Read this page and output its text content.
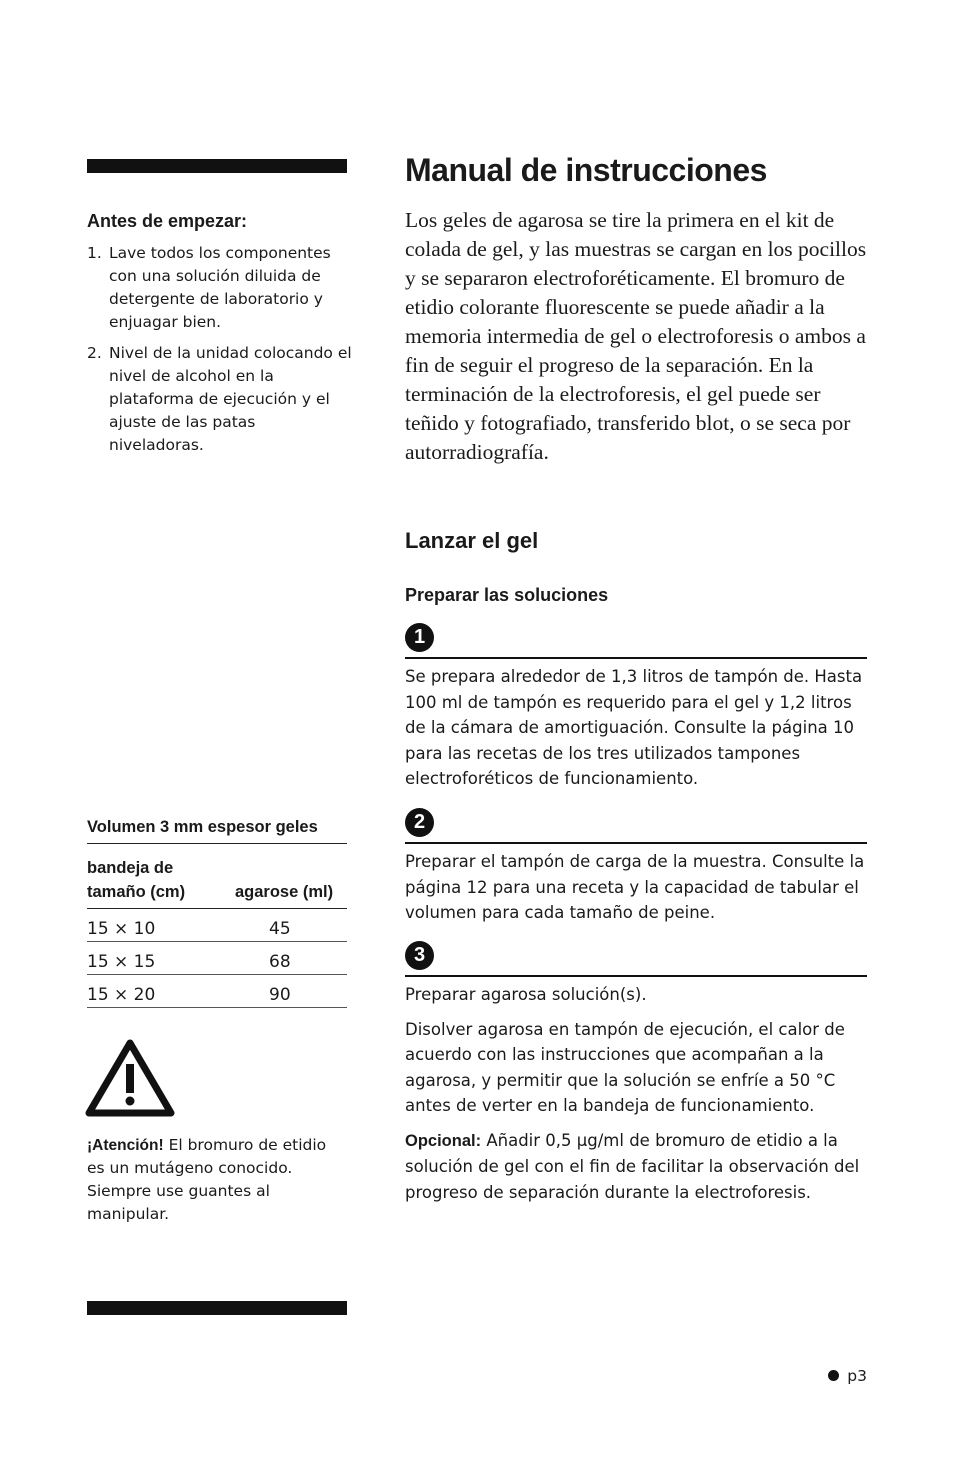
Antes de empezar:
1. Lave todos los componentes con una solución diluida de detergente de laboratorio y enjuagar bien.
2. Nivel de la unidad colocando el nivel de alcohol en la plataforma de ejecución y el ajuste de las patas niveladoras.
Volumen 3 mm espesor geles
bandeja de tamaño (cm)	agarose (ml)
15 × 10	45
15 × 15	68
15 × 20	90
¡Atención! El bromuro de etidio es un mutágeno conocido. Siempre use guantes al manipular.
Manual de instrucciones
Los geles de agarosa se tire la primera en el kit de colada de gel, y las muestras se cargan en los pocillos y se separaron electroforéticamente. El bromuro de etidio colorante fluorescente se puede añadir a la memoria intermedia de gel o electroforesis o ambos a fin de seguir el progreso de la separación. En la terminación de la electroforesis, el gel puede ser teñido y fotografiado, transferido blot, o se seca por autorradiografía.
Lanzar el gel
Preparar las soluciones
1

Se prepara alrededor de 1,3 litros de tampón de. Hasta 100 ml de tampón es requerido para el gel y 1,2 litros de la cámara de amortiguación. Consulte la página 10 para las recetas de los tres utilizados tampones electroforéticos de funcionamiento.

2

Preparar el tampón de carga de la muestra. Consulte la página 12 para una receta y la capacidad de tabular el volumen para cada tamaño de peine.

3

Preparar agarosa solución(s).

Disolver agarosa en tampón de ejecución, el calor de acuerdo con las instrucciones que acompañan a la agarosa, y permitir que la solución se enfríe a 50 °C antes de verter en la bandeja de funcionamiento.

Opcional: Añadir 0,5 μg/ml de bromuro de etidio a la solución de gel con el fin de facilitar la observación del progreso de separación durante la electroforesis.

p3
